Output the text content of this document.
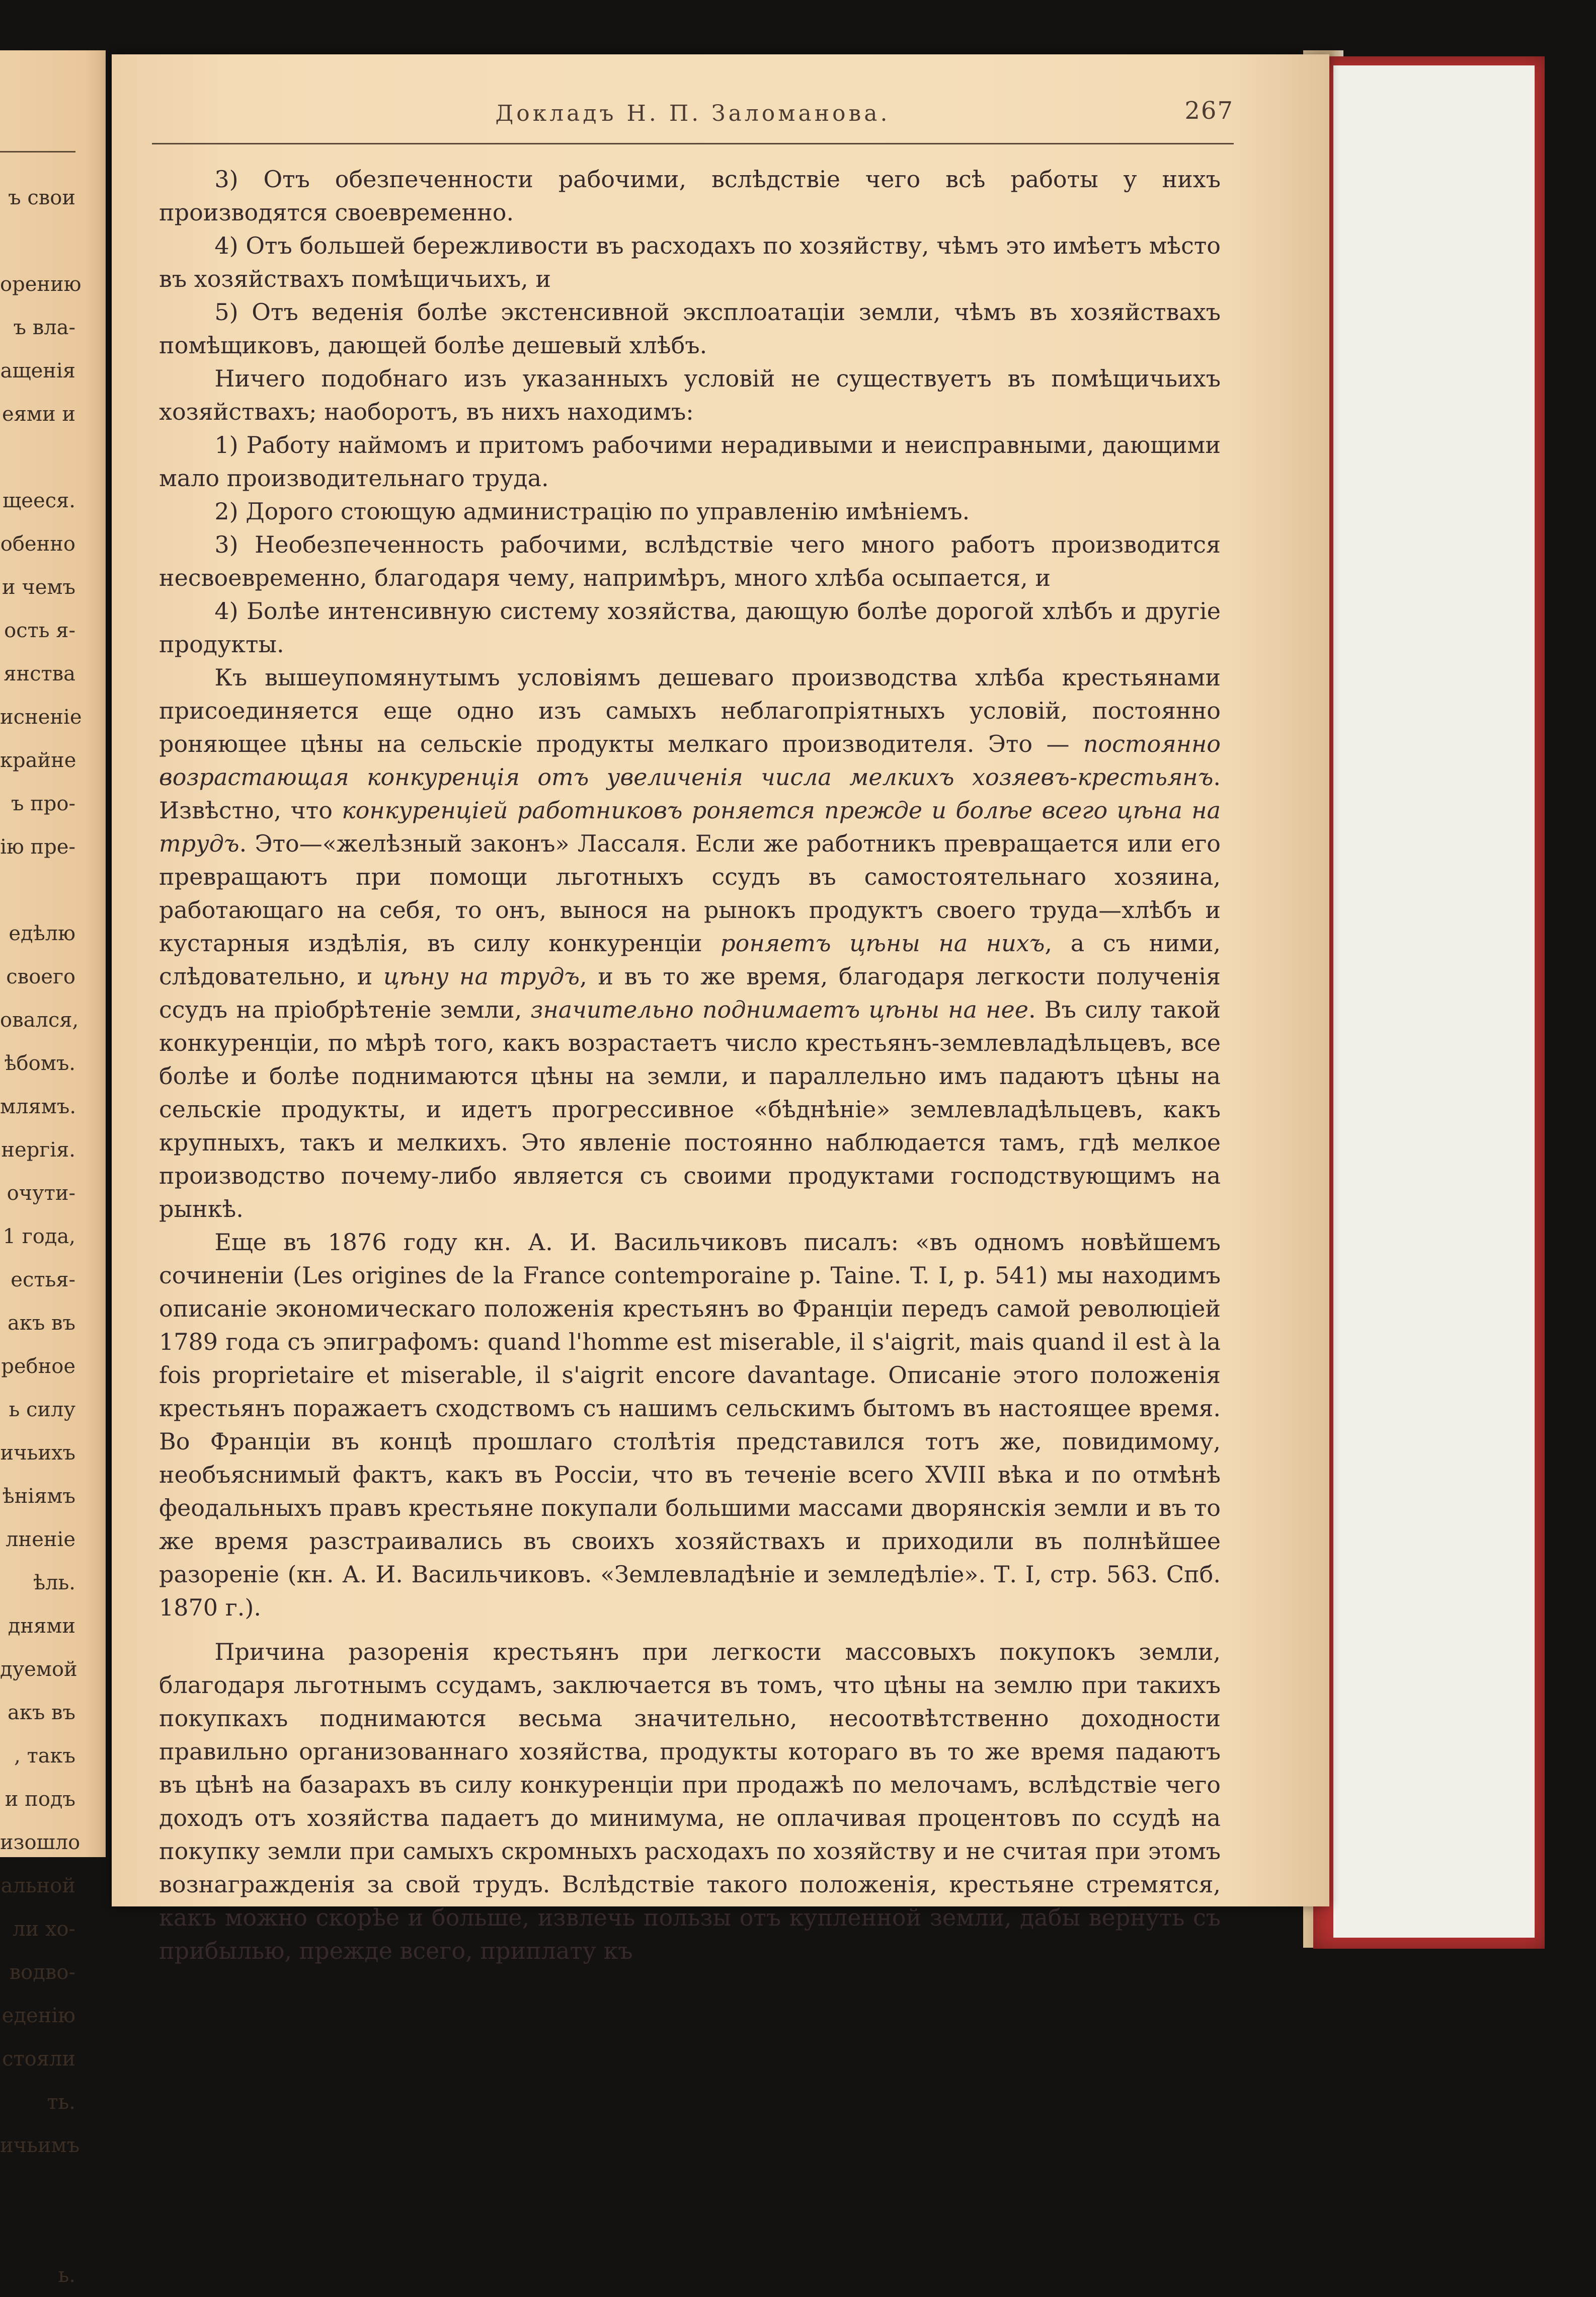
ъ свои
орению
ъ вла-
ащенія
еями и
щееся.
обенно
и чемъ
ость я-
янства
исненіе
крайне
ъ про-
ію пре-
едѣлю
своего
овался,
ѣбомъ.
млямъ.
нергія.
очути-
1 года,
естья-
акъ въ
ребное
ь силу
ичьихъ
ѣніямъ
лненіе
ѣль.
днями
дуемой
акъ въ
, такъ
и подъ
изошло
альной
ли хо-
водво-
еденію
стояли
ть.
ичьимъ
ь.
Докладъ Н. П. Заломанова.	267

3) Отъ обезпеченности рабочими, вслѣдствіе чего всѣ работы у нихъ производятся своевременно.

4) Отъ большей бережливости въ расходахъ по хозяйству, чѣмъ это имѣетъ мѣсто въ хозяйствахъ помѣщичьихъ, и

5) Отъ веденія болѣе экстенсивной эксплоатаціи земли, чѣмъ въ хозяйствахъ помѣщиковъ, дающей болѣе дешевый хлѣбъ.

Ничего подобнаго изъ указанныхъ условій не существуетъ въ помѣщичьихъ хозяйствахъ; наоборотъ, въ нихъ находимъ:

1) Работу наймомъ и притомъ рабочими нерадивыми и неисправными, дающими мало производительнаго труда.

2) Дорого стоющую администрацію по управленію имѣніемъ.

3) Необезпеченность рабочими, вслѣдствіе чего много работъ производится несвоевременно, благодаря чему, напримѣръ, много хлѣба осыпается, и

4) Болѣе интенсивную систему хозяйства, дающую болѣе дорогой хлѣбъ и другіе продукты.

Къ вышеупомянутымъ условіямъ дешеваго производства хлѣба крестьянами присоединяется еще одно изъ самыхъ неблагопріятныхъ условій, постоянно роняющее цѣны на сельскіе продукты мелкаго производителя. Это — постоянно возрастающая конкуренція отъ увеличенія числа мелкихъ хозяевъ-крестьянъ. Извѣстно, что конкуренціей работниковъ роняется прежде и болѣе всего цѣна на трудъ. Это—«желѣзный законъ» Лассаля. Если же работникъ превращается или его превращаютъ при помощи льготныхъ ссудъ въ самостоятельнаго хозяина, работающаго на себя, то онъ, вынося на рынокъ продуктъ своего труда—хлѣбъ и кустарныя издѣлія, въ силу конкуренціи роняетъ цѣны на нихъ, а съ ними, слѣдовательно, и цѣну на трудъ, и въ то же время, благодаря легкости полученія ссудъ на пріобрѣтеніе земли, значительно поднимаетъ цѣны на нее. Въ силу такой конкуренціи, по мѣрѣ того, какъ возрастаетъ число крестьянъ-землевладѣльцевъ, все болѣе и болѣе поднимаются цѣны на земли, и параллельно имъ падаютъ цѣны на сельскіе продукты, и идетъ прогрессивное «бѣднѣніе» землевладѣльцевъ, какъ крупныхъ, такъ и мелкихъ. Это явленіе постоянно наблюдается тамъ, гдѣ мелкое производство почему-либо является съ своими продуктами господствующимъ на рынкѣ.

Еще въ 1876 году кн. А. И. Васильчиковъ писалъ: «въ одномъ новѣйшемъ сочиненіи (Les origines de la France contemporaine p. Taine. T. I, p. 541) мы находимъ описаніе экономическаго положенія крестьянъ во Франціи передъ самой революціей 1789 года съ эпиграфомъ: quand l'homme est miserable, il s'aigrit, mais quand il est à la fois proprietaire et miserable, il s'aigrit encore davantage. Описаніе этого положенія крестьянъ поражаетъ сходствомъ съ нашимъ сельскимъ бытомъ въ настоящее время. Во Франціи въ концѣ прошлаго столѣтія представился тотъ же, повидимому, необъяснимый фактъ, какъ въ Россіи, что въ теченіе всего XVIII вѣка и по отмѣнѣ феодальныхъ правъ крестьяне покупали большими массами дворянскія земли и въ то же время разстраивались въ своихъ хозяйствахъ и приходили въ полнѣйшее разореніе (кн. А. И. Васильчиковъ. «Землевладѣніе и земледѣліе». Т. I, стр. 563. Спб. 1870 г.).

Причина разоренія крестьянъ при легкости массовыхъ покупокъ земли, благодаря льготнымъ ссудамъ, заключается въ томъ, что цѣны на землю при такихъ покупкахъ поднимаются весьма значительно, несоотвѣтственно доходности правильно организованнаго хозяйства, продукты котораго въ то же время падаютъ въ цѣнѣ на базарахъ въ силу конкуренціи при продажѣ по мелочамъ, вслѣдствіе чего доходъ отъ хозяйства падаетъ до минимума, не оплачивая процентовъ по ссудѣ на покупку земли при самыхъ скромныхъ расходахъ по хозяйству и не считая при этомъ вознагражденія за свой трудъ. Вслѣдствіе такого положенія, крестьяне стремятся, какъ можно скорѣе и больше, извлечь пользы отъ купленной земли, дабы вернуть съ прибылью, прежде всего, приплату къ
